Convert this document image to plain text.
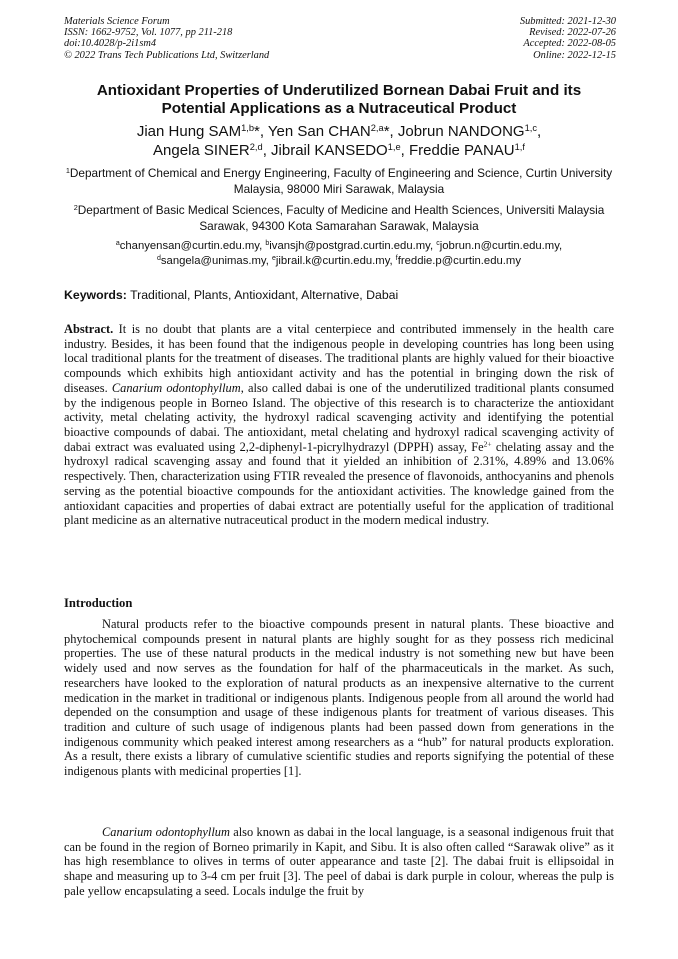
Materials Science Forum
ISSN: 1662-9752, Vol. 1077, pp 211-218
doi:10.4028/p-2i1sm4
© 2022 Trans Tech Publications Ltd, Switzerland
Submitted: 2021-12-30
Revised: 2022-07-26
Accepted: 2022-08-05
Online: 2022-12-15
Antioxidant Properties of Underutilized Bornean Dabai Fruit and its
Potential Applications as a Nutraceutical Product
Jian Hung SAM$^{1,b}$*, Yen San CHAN$^{2,a}$*, Jobrun NANDONG$^{1,c}$,
Angela SINER$^{2,d}$, Jibrail KANSEDO$^{1,e}$, Freddie PANAU$^{1,f}$
$^1$Department of Chemical and Energy Engineering, Faculty of Engineering and Science, Curtin University Malaysia, 98000 Miri Sarawak, Malaysia
$^2$Department of Basic Medical Sciences, Faculty of Medicine and Health Sciences, Universiti Malaysia Sarawak, 94300 Kota Samarahan Sarawak, Malaysia
$^a$chanyensan@curtin.edu.my, $^b$ivansjh@postgrad.curtin.edu.my, $^c$jobrun.n@curtin.edu.my,
$^d$sangela@unimas.my, $^e$jibrail.k@curtin.edu.my, $^f$freddie.p@curtin.edu.my
Keywords: Traditional, Plants, Antioxidant, Alternative, Dabai
Abstract. It is no doubt that plants are a vital centerpiece and contributed immensely in the health care industry. Besides, it has been found that the indigenous people in developing countries has long been using local traditional plants for the treatment of diseases. The traditional plants are highly valued for their bioactive compounds which exhibits high antioxidant activity and has the potential in bringing down the risk of diseases. Canarium odontophyllum, also called dabai is one of the underutilized traditional plants consumed by the indigenous people in Borneo Island. The objective of this research is to characterize the antioxidant activity, metal chelating activity, the hydroxyl radical scavenging activity and identifying the potential bioactive compounds of dabai. The antioxidant, metal chelating and hydroxyl radical scavenging activity of dabai extract was evaluated using 2,2-diphenyl-1-picrylhydrazyl (DPPH) assay, $Fe^{2+}$ chelating assay and the hydroxyl radical scavenging assay and found that it yielded an inhibition of 2.31%, 4.89% and 13.06% respectively. Then, characterization using FTIR revealed the presence of flavonoids, anthocyanins and phenols serving as the potential bioactive compounds for the antioxidant activities. The knowledge gained from the antioxidant capacities and properties of dabai extract are potentially useful for the application of traditional plant medicine as an alternative nutraceutical product in the modern medical industry.
Introduction
Natural products refer to the bioactive compounds present in natural plants. These bioactive and phytochemical compounds present in natural plants are highly sought for as they possess rich medicinal properties. The use of these natural products in the medical industry is not something new but have been widely used and now serves as the foundation for half of the pharmaceuticals in the market. As such, researchers have looked to the exploration of natural products as an inexpensive alternative to the current medication in the market in traditional or indigenous plants. Indigenous people from all around the world had depended on the consumption and usage of these indigenous plants for treatment of various diseases. This tradition and culture of such usage of indigenous plants had been passed down from generations in the indigenous community which peaked interest among researchers as a “hub” for natural products exploration. As a result, there exists a library of cumulative scientific studies and reports signifying the potential of these indigenous plants with medicinal properties [1].
Canarium odontophyllum also known as dabai in the local language, is a seasonal indigenous fruit that can be found in the region of Borneo primarily in Kapit, and Sibu. It is also often called “Sarawak olive” as it has high resemblance to olives in terms of outer appearance and taste [2]. The dabai fruit is ellipsoidal in shape and measuring up to 3-4 cm per fruit [3]. The peel of dabai is dark purple in colour, whereas the pulp is pale yellow encapsulating a seed. Locals indulge the fruit by
